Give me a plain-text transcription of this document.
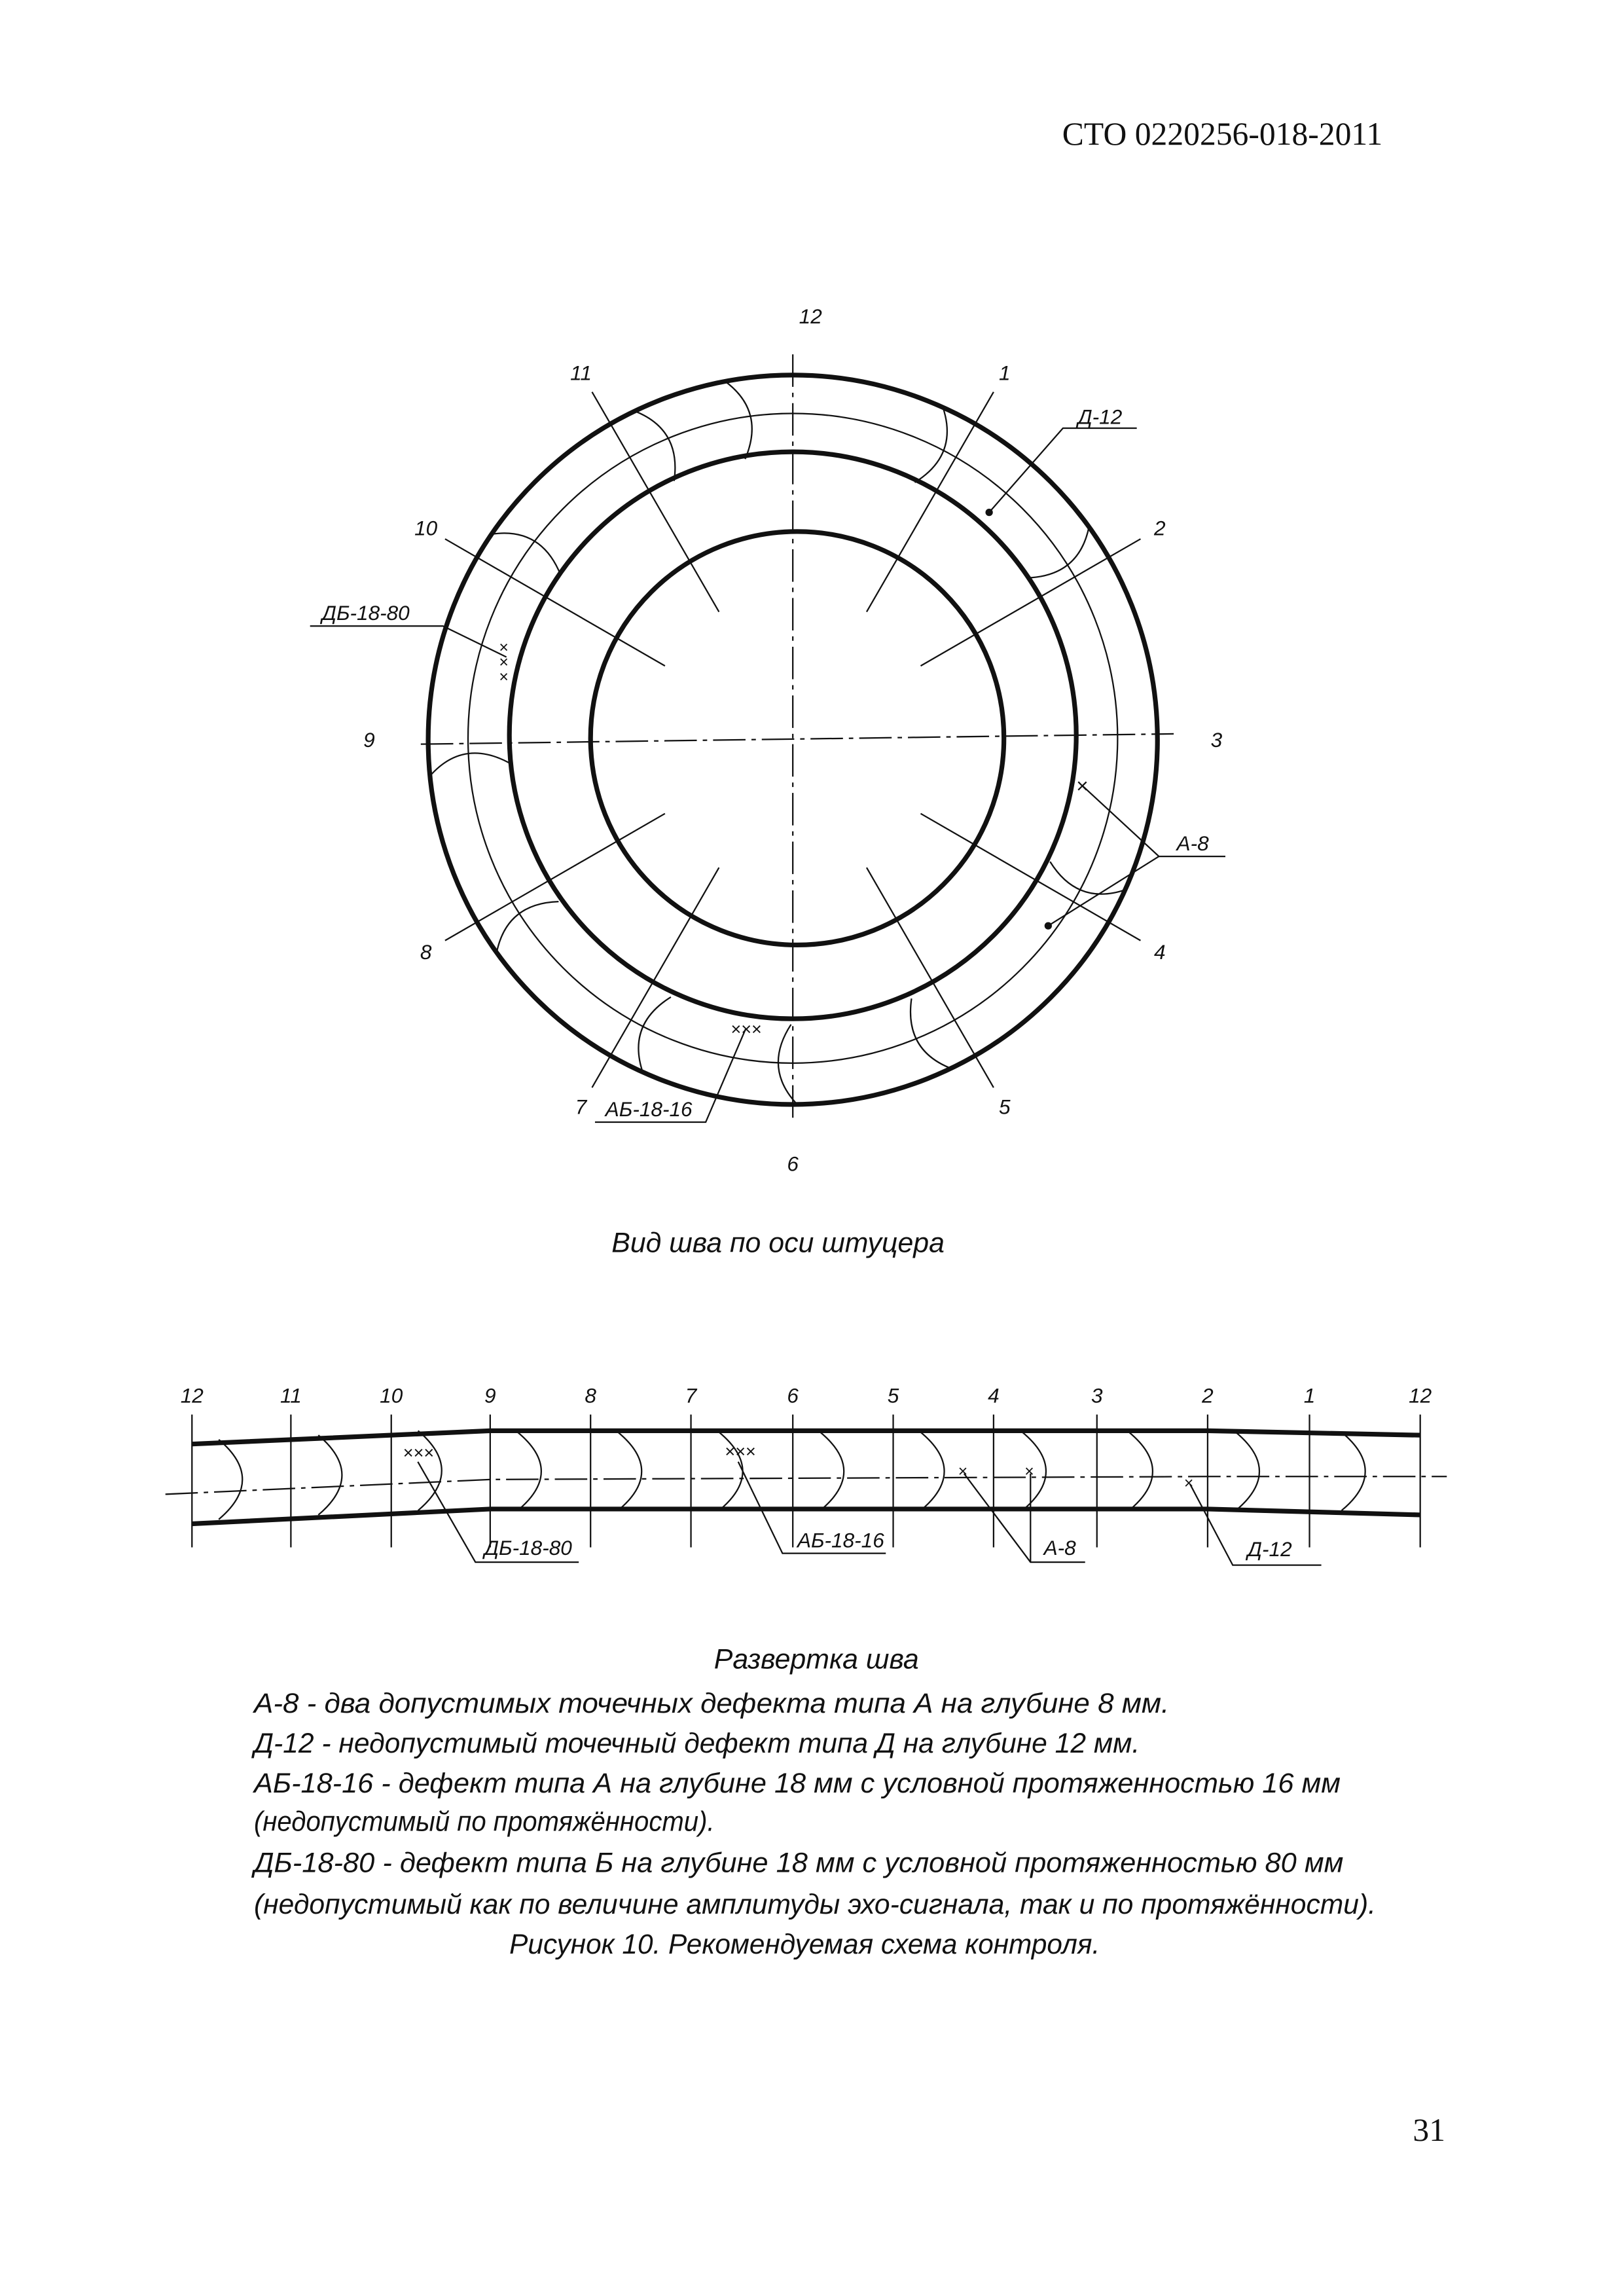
СТО 0220256-018-2011
12
1
2
3
4
5
6
7
8
9
10
11
Д-12
ДБ-18-80
×
×
×
×
А-8
×××
АБ-18-16
Вид шва по оси штуцера
12	11	10	9	8	7	6	5	4	3	2	1	12
×××
ДБ-18-80
×××
АБ-18-16
×	×
А-8
×
Д-12
Развертка шва
А-8 - два допустимых точечных дефекта типа А на глубине 8 мм.
Д-12 - недопустимый точечный дефект типа Д на глубине 12 мм.
АБ-18-16 - дефект типа А на глубине 18 мм с условной протяженностью 16 мм
(недопустимый по протяжённости).
ДБ-18-80 - дефект типа Б на глубине 18 мм с условной протяженностью 80 мм
(недопустимый как по величине амплитуды эхо-сигнала, так и по протяжённости).
Рисунок 10. Рекомендуемая схема контроля.
31
